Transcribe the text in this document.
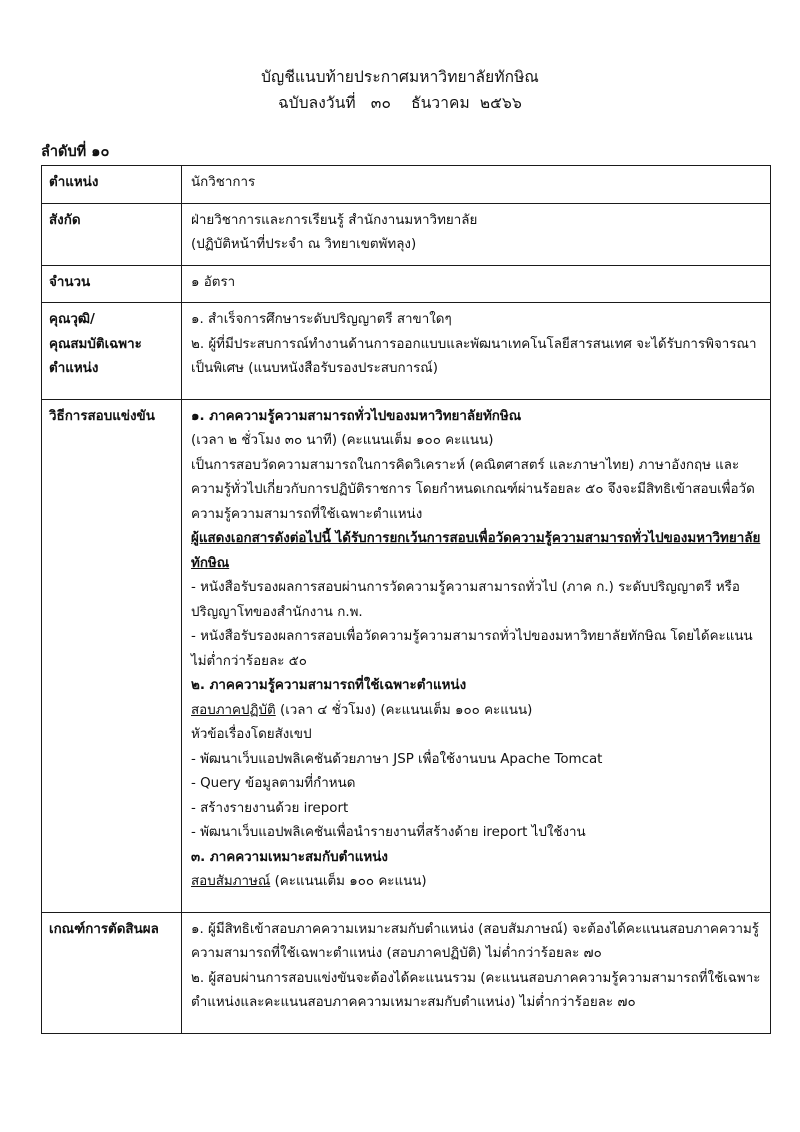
บัญชีแนบท้ายประกาศมหาวิทยาลัยทักษิณ
ฉบับลงวันที่   ๓๐    ธันวาคม  ๒๕๖๖
ลำดับที่ ๑๐
ตำแหน่ง	นักวิชาการ

สังกัด	ฝ่ายวิชาการและการเรียนรู้ สำนักงานมหาวิทยาลัย
(ปฏิบัติหน้าที่ประจำ ณ วิทยาเขตพัทลุง)

จำนวน	๑ อัตรา

คุณวุฒิ/
คุณสมบัติเฉพาะ
ตำแหน่ง	๑. สำเร็จการศึกษาระดับปริญญาตรี สาขาใดๆ
๒. ผู้ที่มีประสบการณ์ทำงานด้านการออกแบบและพัฒนาเทคโนโลยีสารสนเทศ จะได้รับการพิจารณาเป็นพิเศษ (แนบหนังสือรับรองประสบการณ์)

วิธีการสอบแข่งขัน	๑. ภาคความรู้ความสามารถทั่วไปของมหาวิทยาลัยทักษิณ
(เวลา ๒ ชั่วโมง ๓๐ นาที) (คะแนนเต็ม ๑๐๐ คะแนน)
เป็นการสอบวัดความสามารถในการคิดวิเคราะห์ (คณิตศาสตร์ และภาษาไทย) ภาษาอังกฤษ และความรู้ทั่วไปเกี่ยวกับการปฏิบัติราชการ โดยกำหนดเกณฑ์ผ่านร้อยละ ๕๐ จึงจะมีสิทธิเข้าสอบเพื่อวัดความรู้ความสามารถที่ใช้เฉพาะตำแหน่ง
ผู้แสดงเอกสารดังต่อไปนี้ ได้รับการยกเว้นการสอบเพื่อวัดความรู้ความสามารถทั่วไปของมหาวิทยาลัยทักษิณ
- หนังสือรับรองผลการสอบผ่านการวัดความรู้ความสามารถทั่วไป (ภาค ก.) ระดับปริญญาตรี หรือปริญญาโทของสำนักงาน ก.พ.
- หนังสือรับรองผลการสอบเพื่อวัดความรู้ความสามารถทั่วไปของมหาวิทยาลัยทักษิณ โดยได้คะแนนไม่ต่ำกว่าร้อยละ ๕๐
๒. ภาคความรู้ความสามารถที่ใช้เฉพาะตำแหน่ง
สอบภาคปฏิบัติ (เวลา ๔ ชั่วโมง) (คะแนนเต็ม ๑๐๐ คะแนน)
หัวข้อเรื่องโดยสังเขป
- พัฒนาเว็บแอปพลิเคชันด้วยภาษา JSP เพื่อใช้งานบน Apache Tomcat
- Query ข้อมูลตามที่กำหนด
- สร้างรายงานด้วย ireport
- พัฒนาเว็บแอปพลิเคชันเพื่อนำรายงานที่สร้างด้าย ireport ไปใช้งาน
๓. ภาคความเหมาะสมกับตำแหน่ง
สอบสัมภาษณ์ (คะแนนเต็ม ๑๐๐ คะแนน)

เกณฑ์การตัดสินผล	๑. ผู้มีสิทธิเข้าสอบภาคความเหมาะสมกับตำแหน่ง (สอบสัมภาษณ์) จะต้องได้คะแนนสอบภาคความรู้ความสามารถที่ใช้เฉพาะตำแหน่ง (สอบภาคปฏิบัติ) ไม่ต่ำกว่าร้อยละ ๗๐
๒. ผู้สอบผ่านการสอบแข่งขันจะต้องได้คะแนนรวม (คะแนนสอบภาคความรู้ความสามารถที่ใช้เฉพาะตำแหน่งและคะแนนสอบภาคความเหมาะสมกับตำแหน่ง) ไม่ต่ำกว่าร้อยละ ๗๐
